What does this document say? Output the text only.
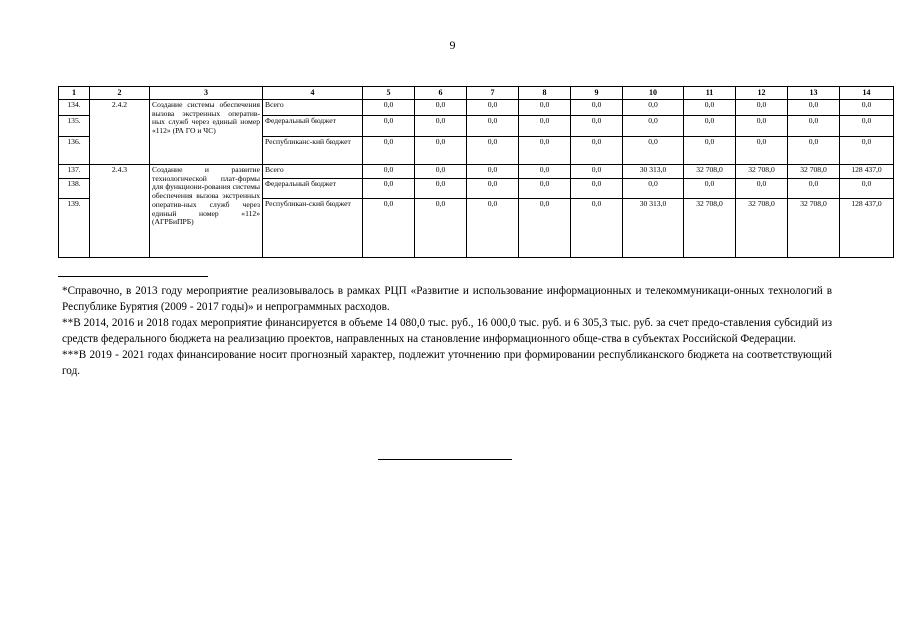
9
1	2	3	4	5	6	7	8	9	10	11	12	13	14
134.	2.4.2	Создание системы обеспечения вызова экстренных оператив-ных служб через единый номер «112» (РА ГО и ЧС)	Всего	0,0	0,0	0,0	0,0	0,0	0,0	0,0	0,0	0,0	0,0
135.			Федеральный бюджет	0,0	0,0	0,0	0,0	0,0	0,0	0,0	0,0	0,0	0,0
136.			Республиканс-кий бюджет	0,0	0,0	0,0	0,0	0,0	0,0	0,0	0,0	0,0	0,0
137.	2.4.3	Создание и развитие технологической плат-формы для функциони-рования системы обеспечения вызова экстренных оператив-ных служб через единый номер «112» (АГРБиПРБ)	Всего	0,0	0,0	0,0	0,0	0,0	30 313,0	32 708,0	32 708,0	32 708,0	128 437,0
138.			Федеральный бюджет	0,0	0,0	0,0	0,0	0,0	0,0	0,0	0,0	0,0	0,0
139.			Республикан-ский бюджет	0,0	0,0	0,0	0,0	0,0	30 313,0	32 708,0	32 708,0	32 708,0	128 437,0

*Справочно, в 2013 году мероприятие реализовывалось в рамках РЦП «Развитие и использование информационных и телекоммуникаци-онных технологий в Республике Бурятия (2009 - 2017 годы)» и непрограммных расходов.

**В 2014, 2016 и 2018 годах мероприятие финансируется в объеме 14 080,0 тыс. руб., 16 000,0 тыс. руб. и 6 305,3 тыс. руб. за счет предо-ставления субсидий из средств федерального бюджета на реализацию проектов, направленных на становление информационного обще-ства в субъектах Российской Федерации.

***В 2019 - 2021 годах финансирование носит прогнозный характер, подлежит уточнению при формировании республиканского бюджета на соответствующий год.
